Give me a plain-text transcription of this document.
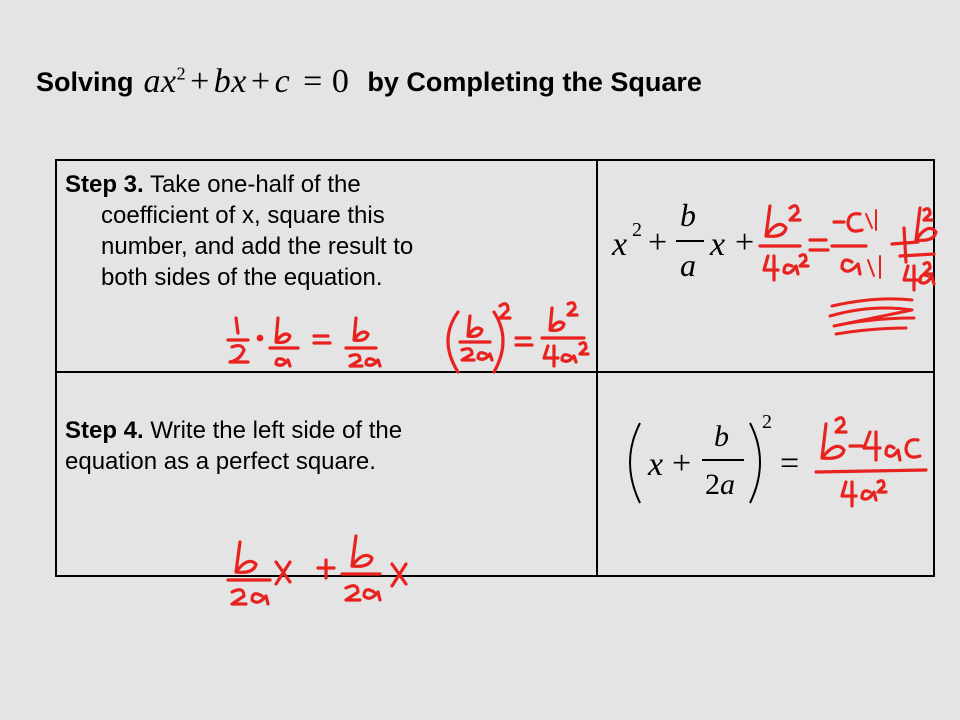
Solving $ax^2$ + bx + c = 0 by Completing the Square
Step 3. Take one-half of the
coefficient of x, square this
number, and add the result to
both sides of the equation.
Step 4. Write the left side of the
equation as a perfect square.
x 2 +
b
a
x +
x +
b
2a
2
=
